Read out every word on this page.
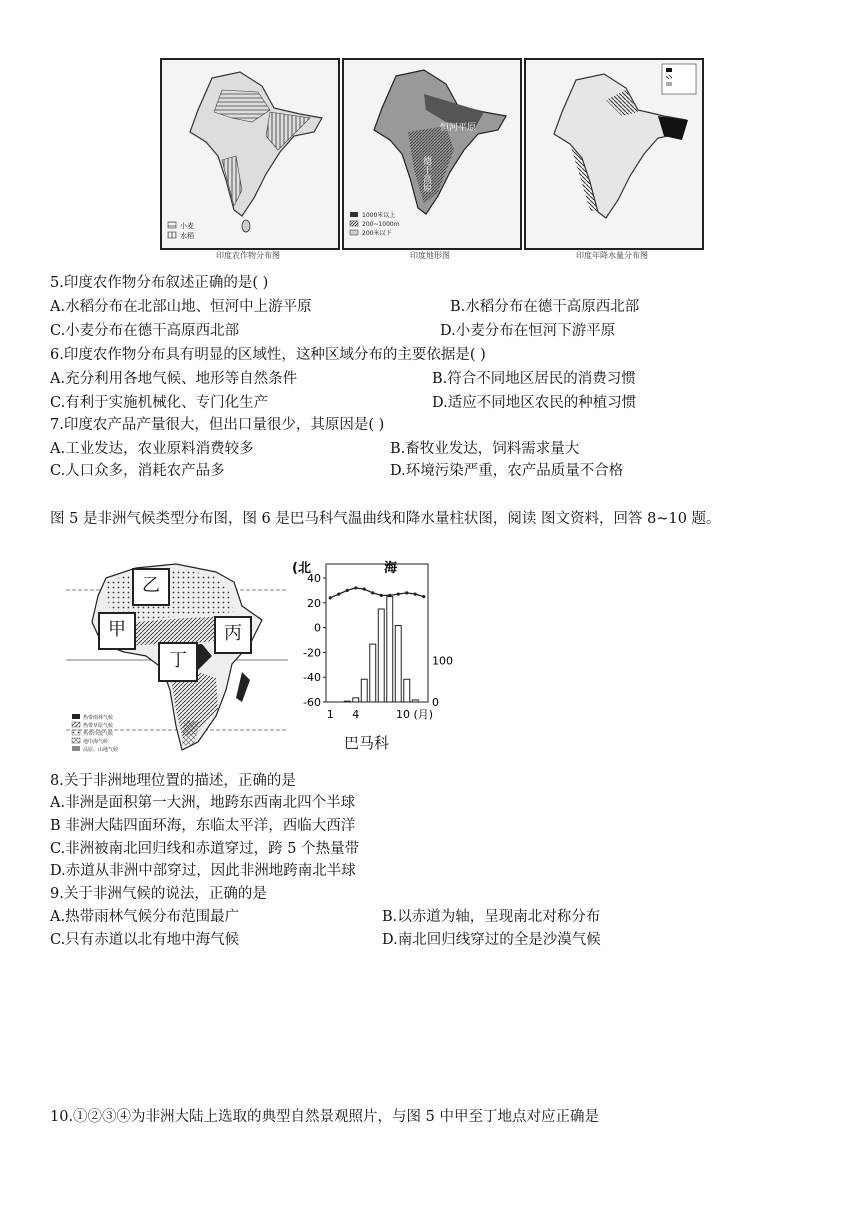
小麦
水稻
印度农作物分布图
恒河平原
德干高原
1000米以上
200~1000m
200米以下
印度地形图	印度年降水量分布图
5.印度农作物分布叙述正确的是( )
A.水稻分布在北部山地、恒河中上游平原	B.水稻分布在德干高原西北部
C.小麦分布在德干高原西北部	D.小麦分布在恒河下游平原
6.印度农作物分布具有明显的区域性，这种区域分布的主要依据是( )
A.充分利用各地气候、地形等自然条件	B.符合不同地区居民的消费习惯
C.有利于实施机械化、专门化生产	D.适应不同地区农民的种植习惯
7.印度农产品产量很大，但出口量很少，其原因是( )
A.工业发达，农业原料消费较多	B.畜牧业发达，饲料需求量大
C.人口众多，消耗农产品多	D.环境污染严重，农产品质量不合格
图 5 是非洲气候类型分布图，图 6 是巴马科气温曲线和降水量柱状图，阅读 图文资料，回答 8~10 题。
热带雨林气候
热带草原气候
热带沙漠气候
地中海气候
高原、山地气候
乙
甲	丙
丁
(北	海
40
20
0
-20
-40
-60
100
0
1 4	10 (月)
巴马科
8.关于非洲地理位置的描述，正确的是
A.非洲是面积第一大洲，地跨东西南北四个半球
B 非洲大陆四面环海，东临太平洋，西临大西洋
C.非洲被南北回归线和赤道穿过，跨 5 个热量带
D.赤道从非洲中部穿过，因此非洲地跨南北半球
9.关于非洲气候的说法，正确的是
A.热带雨林气候分布范围最广	B.以赤道为轴，呈现南北对称分布
C.只有赤道以北有地中海气候	D.南北回归线穿过的全是沙漠气候
10.①②③④为非洲大陆上选取的典型自然景观照片，与图 5 中甲至丁地点对应正确是
